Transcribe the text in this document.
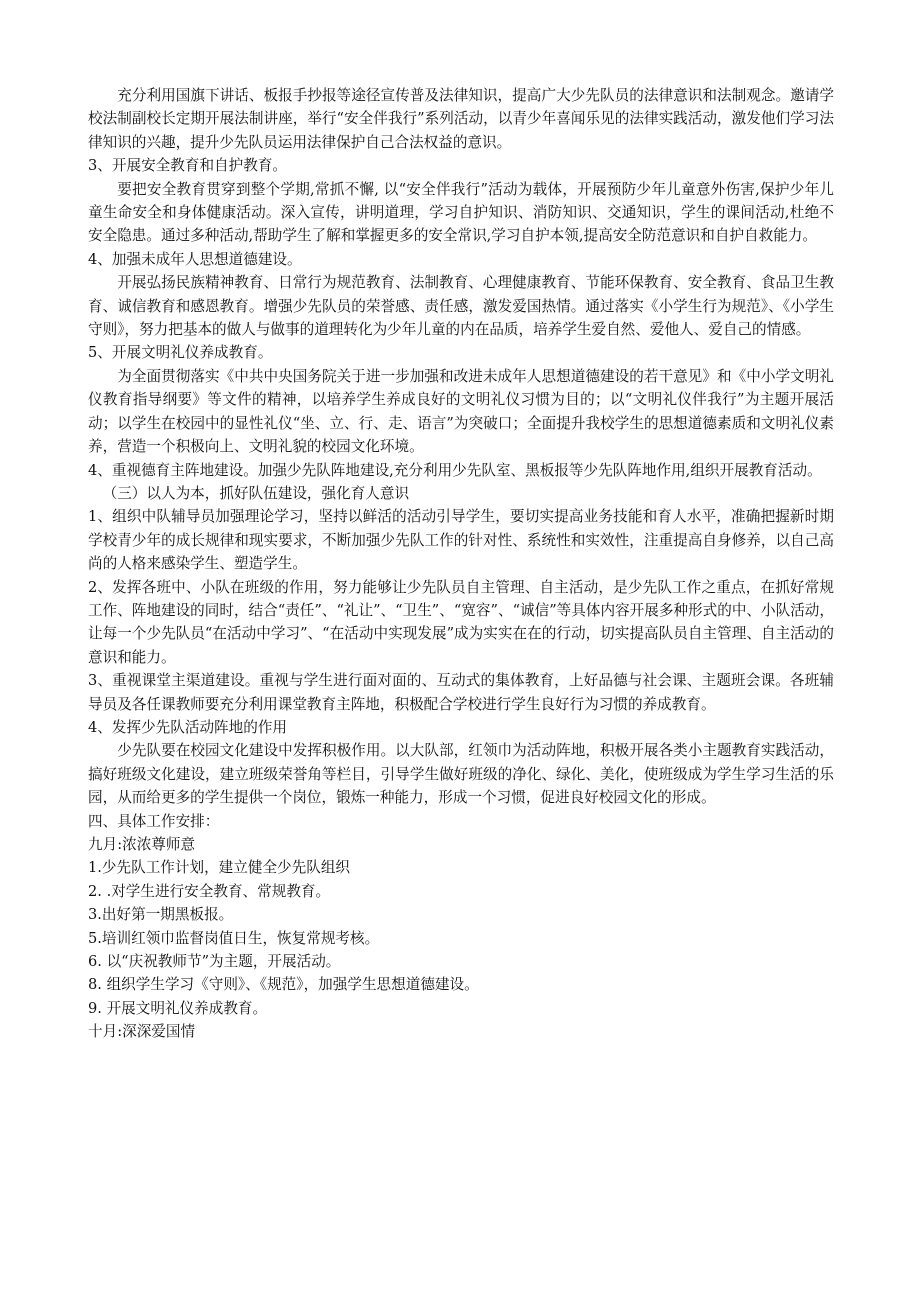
充分利用国旗下讲话、板报手抄报等途径宣传普及法律知识，提高广大少先队员的法律意识和法制观念。邀请学校法制副校长定期开展法制讲座，举行“安全伴我行”系列活动，以青少年喜闻乐见的法律实践活动，激发他们学习法律知识的兴趣，提升少先队员运用法律保护自己合法权益的意识。

3、开展安全教育和自护教育。

要把安全教育贯穿到整个学期,常抓不懈, 以“安全伴我行”活动为载体，开展预防少年儿童意外伤害,保护少年儿童生命安全和身体健康活动。深入宣传，讲明道理，学习自护知识、消防知识、交通知识，学生的课间活动,杜绝不安全隐患。通过多种活动,帮助学生了解和掌握更多的安全常识,学习自护本领,提高安全防范意识和自护自救能力。

4、加强未成年人思想道德建设。

开展弘扬民族精神教育、日常行为规范教育、法制教育、心理健康教育、节能环保教育、安全教育、食品卫生教育、诚信教育和感恩教育。增强少先队员的荣誉感、责任感，激发爱国热情。通过落实《小学生行为规范》、《小学生守则》，努力把基本的做人与做事的道理转化为少年儿童的内在品质，培养学生爱自然、爱他人、爱自己的情感。

5、开展文明礼仪养成教育。

为全面贯彻落实《中共中央国务院关于进一步加强和改进未成年人思想道德建设的若干意见》和《中小学文明礼仪教育指导纲要》等文件的精神，以培养学生养成良好的文明礼仪习惯为目的；以“文明礼仪伴我行”为主题开展活动；以学生在校园中的显性礼仪“坐、立、行、走、语言”为突破口；全面提升我校学生的思想道德素质和文明礼仪素养，营造一个积极向上、文明礼貌的校园文化环境。

4、重视德育主阵地建设。加强少先队阵地建设,充分利用少先队室、黑板报等少先队阵地作用,组织开展教育活动。

（三）以人为本，抓好队伍建设，强化育人意识

1、组织中队辅导员加强理论学习，坚持以鲜活的活动引导学生，要切实提高业务技能和育人水平，准确把握新时期学校青少年的成长规律和现实要求，不断加强少先队工作的针对性、系统性和实效性，注重提高自身修养，以自己高尚的人格来感染学生、塑造学生。

2、发挥各班中、小队在班级的作用，努力能够让少先队员自主管理、自主活动，是少先队工作之重点，在抓好常规工作、阵地建设的同时，结合“责任”、“礼让”、“卫生”、“宽容”、“诚信”等具体内容开展多种形式的中、小队活动，让每一个少先队员“在活动中学习”、“在活动中实现发展”成为实实在在的行动，切实提高队员自主管理、自主活动的意识和能力。

3、重视课堂主渠道建设。重视与学生进行面对面的、互动式的集体教育，上好品德与社会课、主题班会课。各班辅导员及各任课教师要充分利用课堂教育主阵地，积极配合学校进行学生良好行为习惯的养成教育。

4、发挥少先队活动阵地的作用

少先队要在校园文化建设中发挥积极作用。以大队部，红领巾为活动阵地，积极开展各类小主题教育实践活动，搞好班级文化建设，建立班级荣誉角等栏目，引导学生做好班级的净化、绿化、美化，使班级成为学生学习生活的乐园，从而给更多的学生提供一个岗位，锻炼一种能力，形成一个习惯，促进良好校园文化的形成。

四、具体工作安排：

九月:浓浓尊师意

1.少先队工作计划，建立健全少先队组织

2. .对学生进行安全教育、常规教育。

3.出好第一期黑板报。

5.培训红领巾监督岗值日生，恢复常规考核。

6. 以“庆祝教师节”为主题，开展活动。

8. 组织学生学习《守则》、《规范》，加强学生思想道德建设。

9. 开展文明礼仪养成教育。

十月:深深爱国情
